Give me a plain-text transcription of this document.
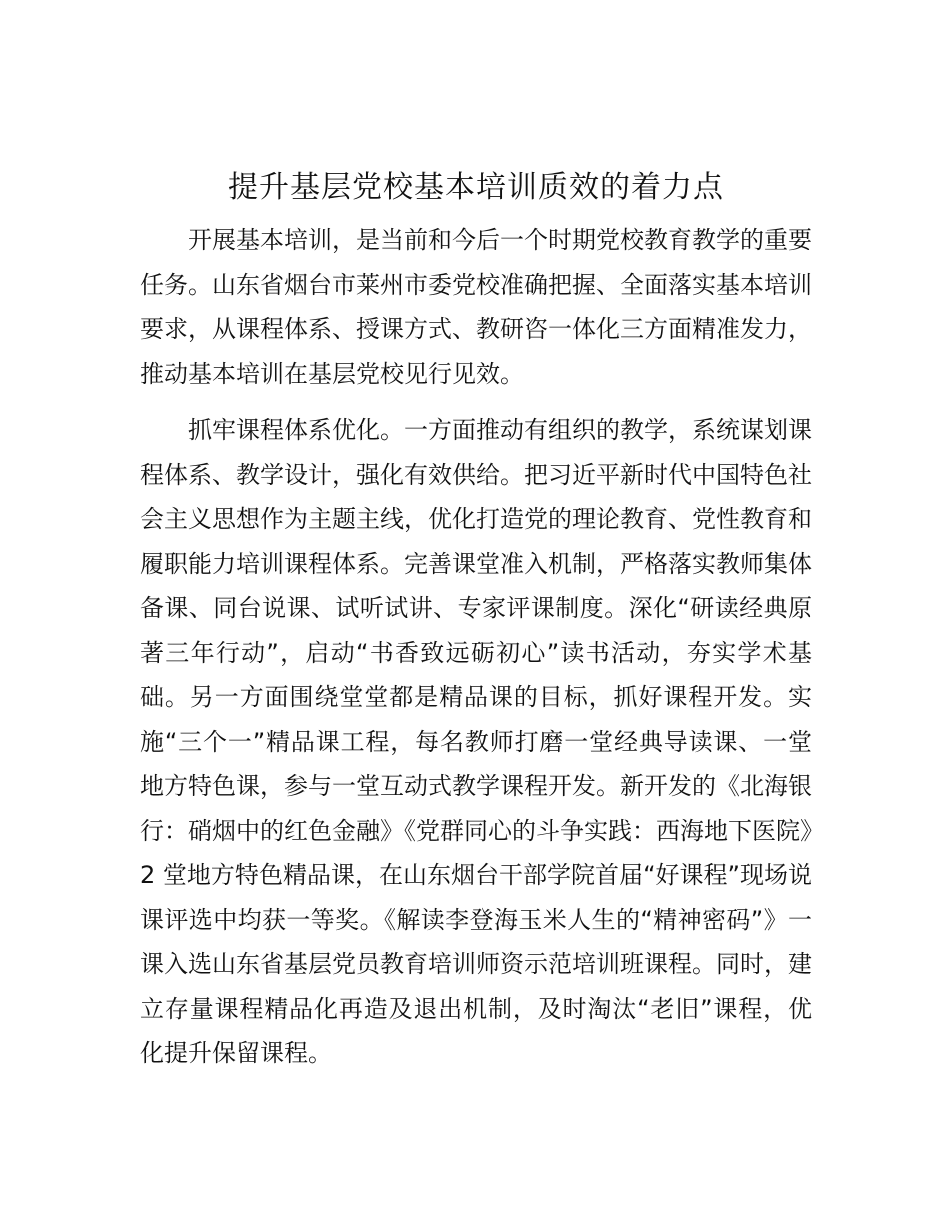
提升基层党校基本培训质效的着力点

开展基本培训，是当前和今后一个时期党校教育教学的重要任务。山东省烟台市莱州市委党校准确把握、全面落实基本培训要求，从课程体系、授课方式、教研咨一体化三方面精准发力，推动基本培训在基层党校见行见效。

抓牢课程体系优化。一方面推动有组织的教学，系统谋划课程体系、教学设计，强化有效供给。把习近平新时代中国特色社会主义思想作为主题主线，优化打造党的理论教育、党性教育和履职能力培训课程体系。完善课堂准入机制，严格落实教师集体备课、同台说课、试听试讲、专家评课制度。深化“研读经典原著三年行动”，启动“书香致远砺初心”读书活动，夯实学术基础。另一方面围绕堂堂都是精品课的目标，抓好课程开发。实施“三个一”精品课工程，每名教师打磨一堂经典导读课、一堂地方特色课，参与一堂互动式教学课程开发。新开发的《北海银行：硝烟中的红色金融》《党群同心的斗争实践：西海地下医院》2 堂地方特色精品课，在山东烟台干部学院首届“好课程”现场说课评选中均获一等奖。《解读李登海玉米人生的“精神密码”》一课入选山东省基层党员教育培训师资示范培训班课程。同时，建立存量课程精品化再造及退出机制，及时淘汰“老旧”课程，优化提升保留课程。
